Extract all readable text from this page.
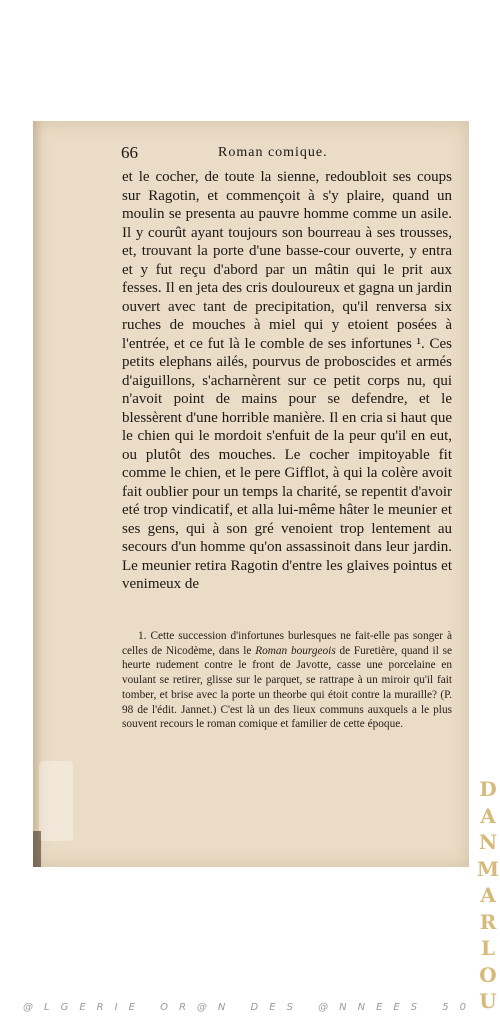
66	Roman comique.

et le cocher, de toute la sienne, redoubloit ses coups sur Ragotin, et commençoit à s'y plaire, quand un moulin se presenta au pauvre homme comme un asile. Il y courût ayant toujours son bourreau à ses trousses, et, trouvant la porte d'une basse-cour ouverte, y entra et y fut reçu d'abord par un mâtin qui le prit aux fesses. Il en jeta des cris douloureux et gagna un jardin ouvert avec tant de precipitation, qu'il renversa six ruches de mouches à miel qui y etoient posées à l'entrée, et ce fut là le comble de ses infortunes ¹. Ces petits elephans ailés, pourvus de proboscides et armés d'aiguillons, s'acharnèrent sur ce petit corps nu, qui n'avoit point de mains pour se defendre, et le blessèrent d'une horrible manière. Il en cria si haut que le chien qui le mordoit s'enfuit de la peur qu'il en eut, ou plutôt des mouches. Le cocher impitoyable fit comme le chien, et le pere Gifflot, à qui la colère avoit fait oublier pour un temps la charité, se repentit d'avoir eté trop vindicatif, et alla lui-même hâter le meunier et ses gens, qui à son gré venoient trop lentement au secours d'un homme qu'on assassinoit dans leur jardin. Le meunier retira Ragotin d'entre les glaives pointus et venimeux de

1. Cette succession d'infortunes burlesques ne fait-elle pas songer à celles de Nicodème, dans le Roman bourgeois de Furetière, quand il se heurte rudement contre le front de Javotte, casse une porcelaine en voulant se retirer, glisse sur le parquet, se rattrape à un miroir qu'il fait tomber, et brise avec la porte un theorbe qui étoit contre la muraille? (P. 98 de l'édit. Jannet.) C'est là un des lieux communs auxquels a le plus souvent recours le roman comique et familier de cette époque.

DANMARLOU
@LGERIE OR@N DES @NNEES 50
